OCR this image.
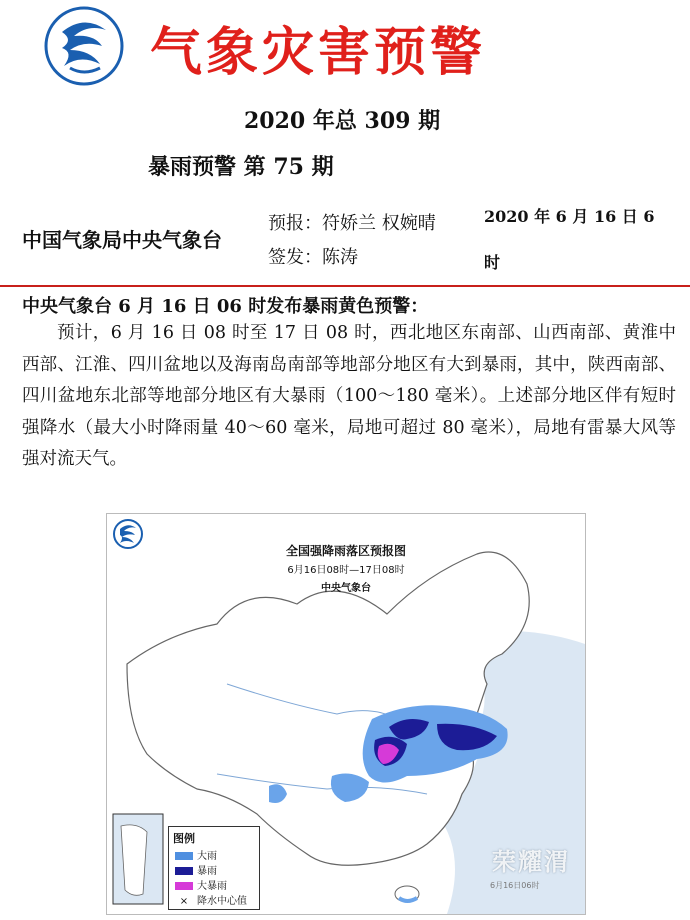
气象灾害预警
2020 年总 309 期
暴雨预警 第 75 期
中国气象局中央气象台
预报：符娇兰 权婉晴
签发：陈涛
2020 年 6 月 16 日 6
时
中央气象台 6 月 16 日 06 时发布暴雨黄色预警：
预计，6 月 16 日 08 时至 17 日 08 时，西北地区东南部、山西南部、黄淮中西部、江淮、四川盆地以及海南岛南部等地部分地区有大到暴雨，其中，陕西南部、四川盆地东北部等地部分地区有大暴雨（100～180 毫米）。上述部分地区伴有短时强降水（最大小时降雨量 40～60 毫米，局地可超过 80 毫米），局地有雷暴大风等强对流天气。
全国强降雨落区预报图
6月16日08时—17日08时
中央气象台
图例
大雨
暴雨
大暴雨
× 降水中心值
荣耀渭
6月16日06时
